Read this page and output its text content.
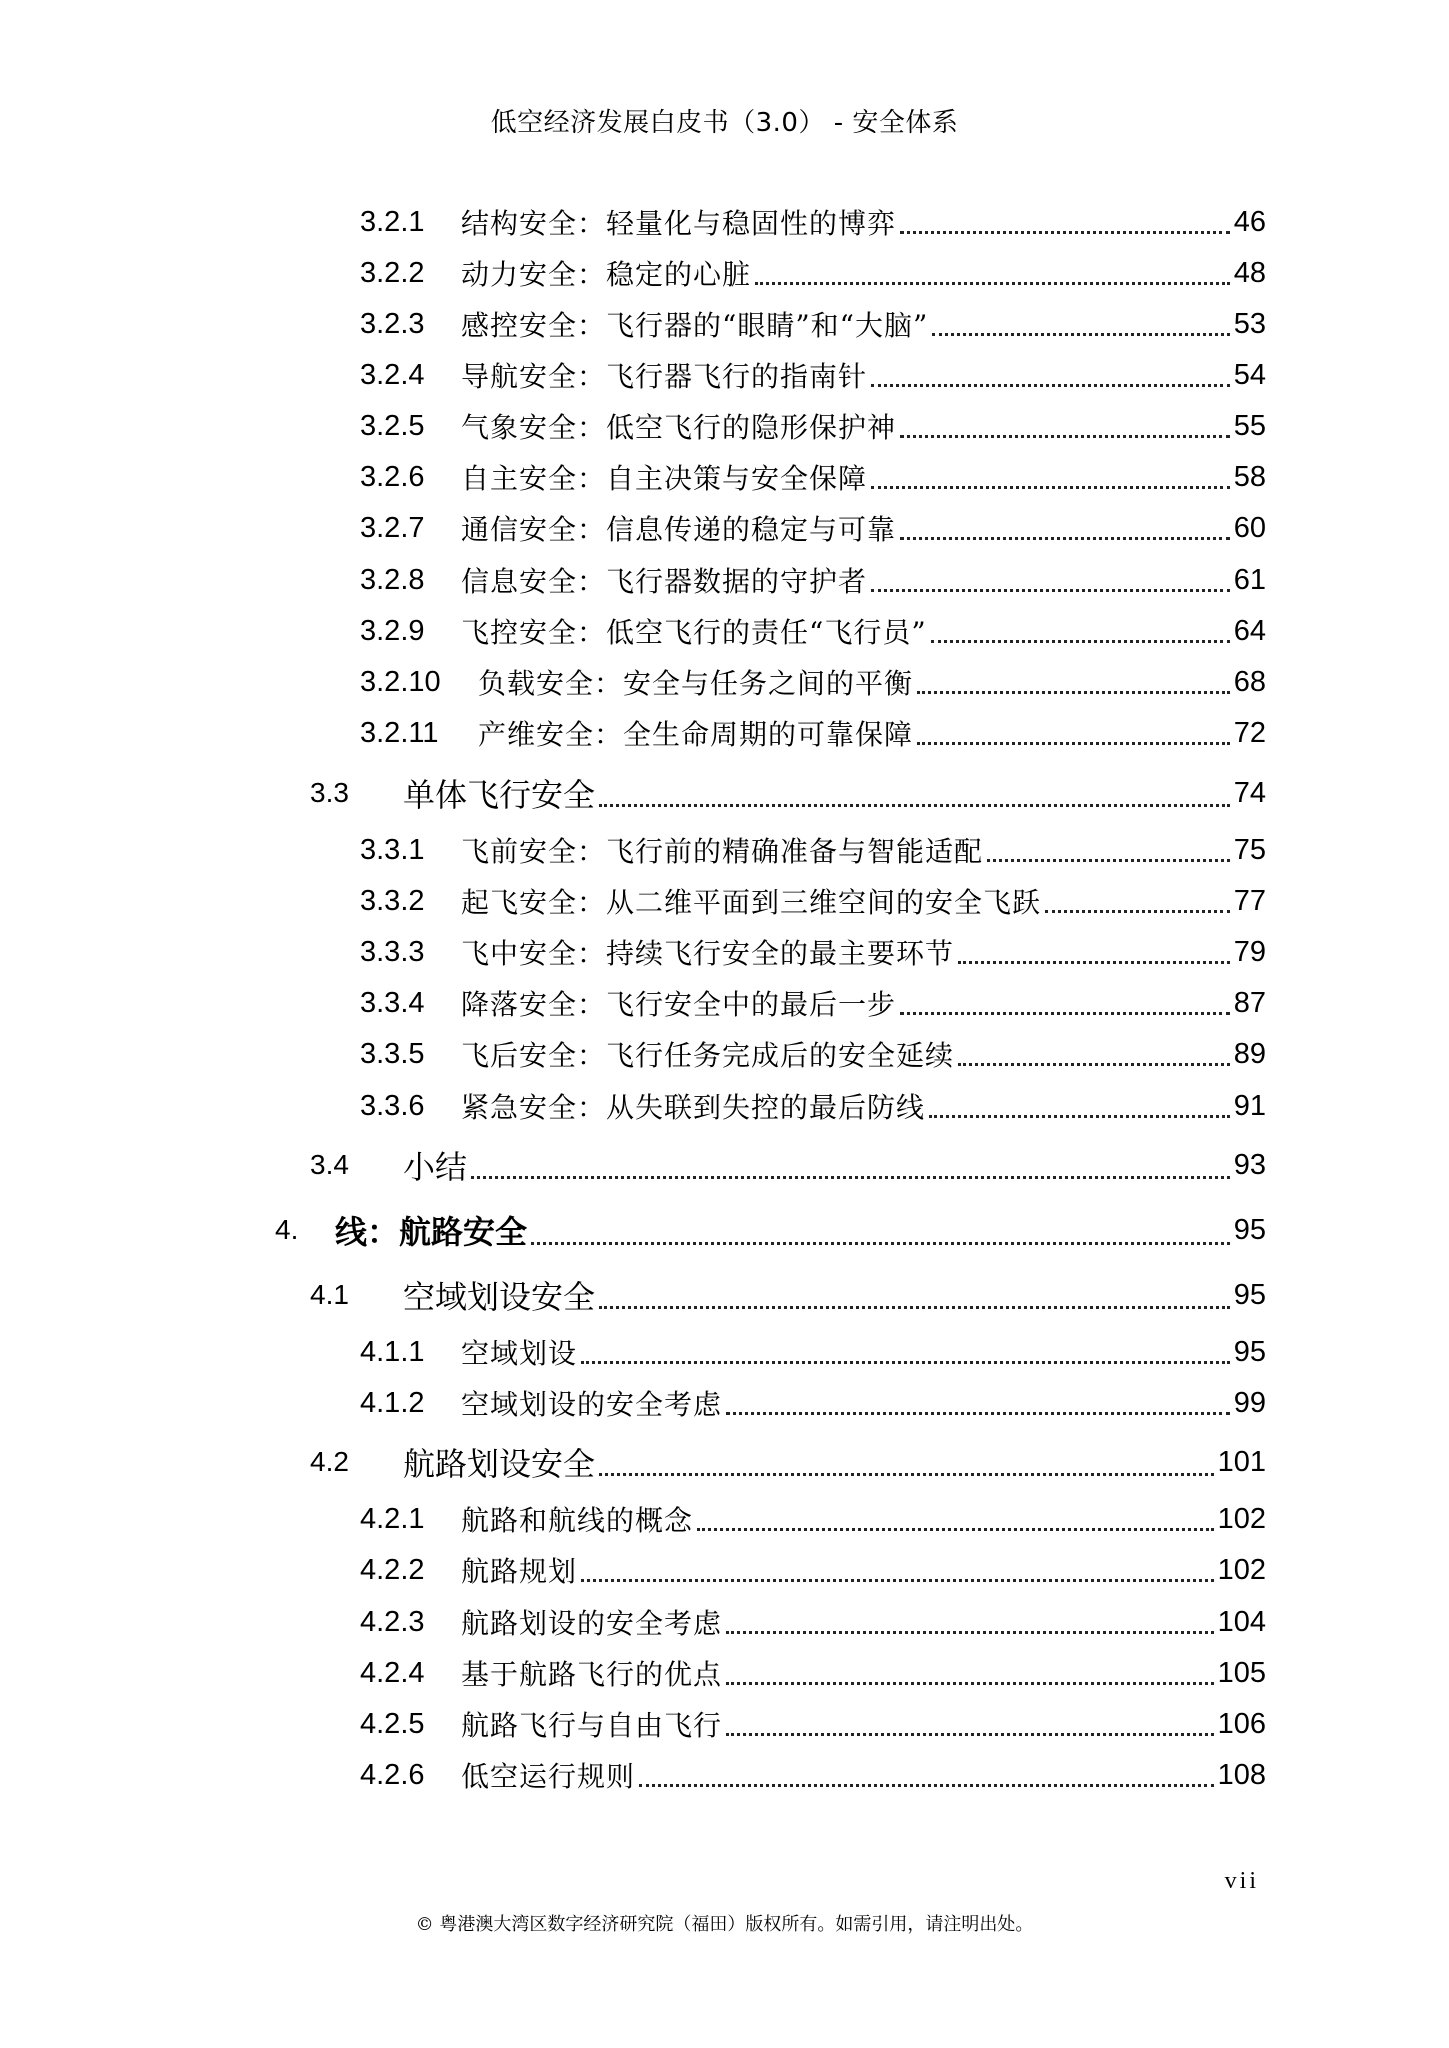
低空经济发展白皮书（3.0） - 安全体系
3.2.1	结构安全：轻量化与稳固性的博弈	46
3.2.2	动力安全：稳定的心脏	48
3.2.3	感控安全：飞行器的“眼睛”和“大脑”	53
3.2.4	导航安全：飞行器飞行的指南针	54
3.2.5	气象安全：低空飞行的隐形保护神	55
3.2.6	自主安全：自主决策与安全保障	58
3.2.7	通信安全：信息传递的稳定与可靠	60
3.2.8	信息安全：飞行器数据的守护者	61
3.2.9	飞控安全：低空飞行的责任“飞行员”	64
3.2.10	负载安全：安全与任务之间的平衡	68
3.2.11	产维安全：全生命周期的可靠保障	72
3.3	单体飞行安全	74
3.3.1	飞前安全：飞行前的精确准备与智能适配	75
3.3.2	起飞安全：从二维平面到三维空间的安全飞跃	77
3.3.3	飞中安全：持续飞行安全的最主要环节	79
3.3.4	降落安全：飞行安全中的最后一步	87
3.3.5	飞后安全：飞行任务完成后的安全延续	89
3.3.6	紧急安全：从失联到失控的最后防线	91
3.4	小结	93
4.	线：航路安全	95
4.1	空域划设安全	95
4.1.1	空域划设	95
4.1.2	空域划设的安全考虑	99
4.2	航路划设安全	101
4.2.1	航路和航线的概念	102
4.2.2	航路规划	102
4.2.3	航路划设的安全考虑	104
4.2.4	基于航路飞行的优点	105
4.2.5	航路飞行与自由飞行	106
4.2.6	低空运行规则	108
vii
© 粤港澳大湾区数字经济研究院（福田）版权所有。如需引用，请注明出处。
